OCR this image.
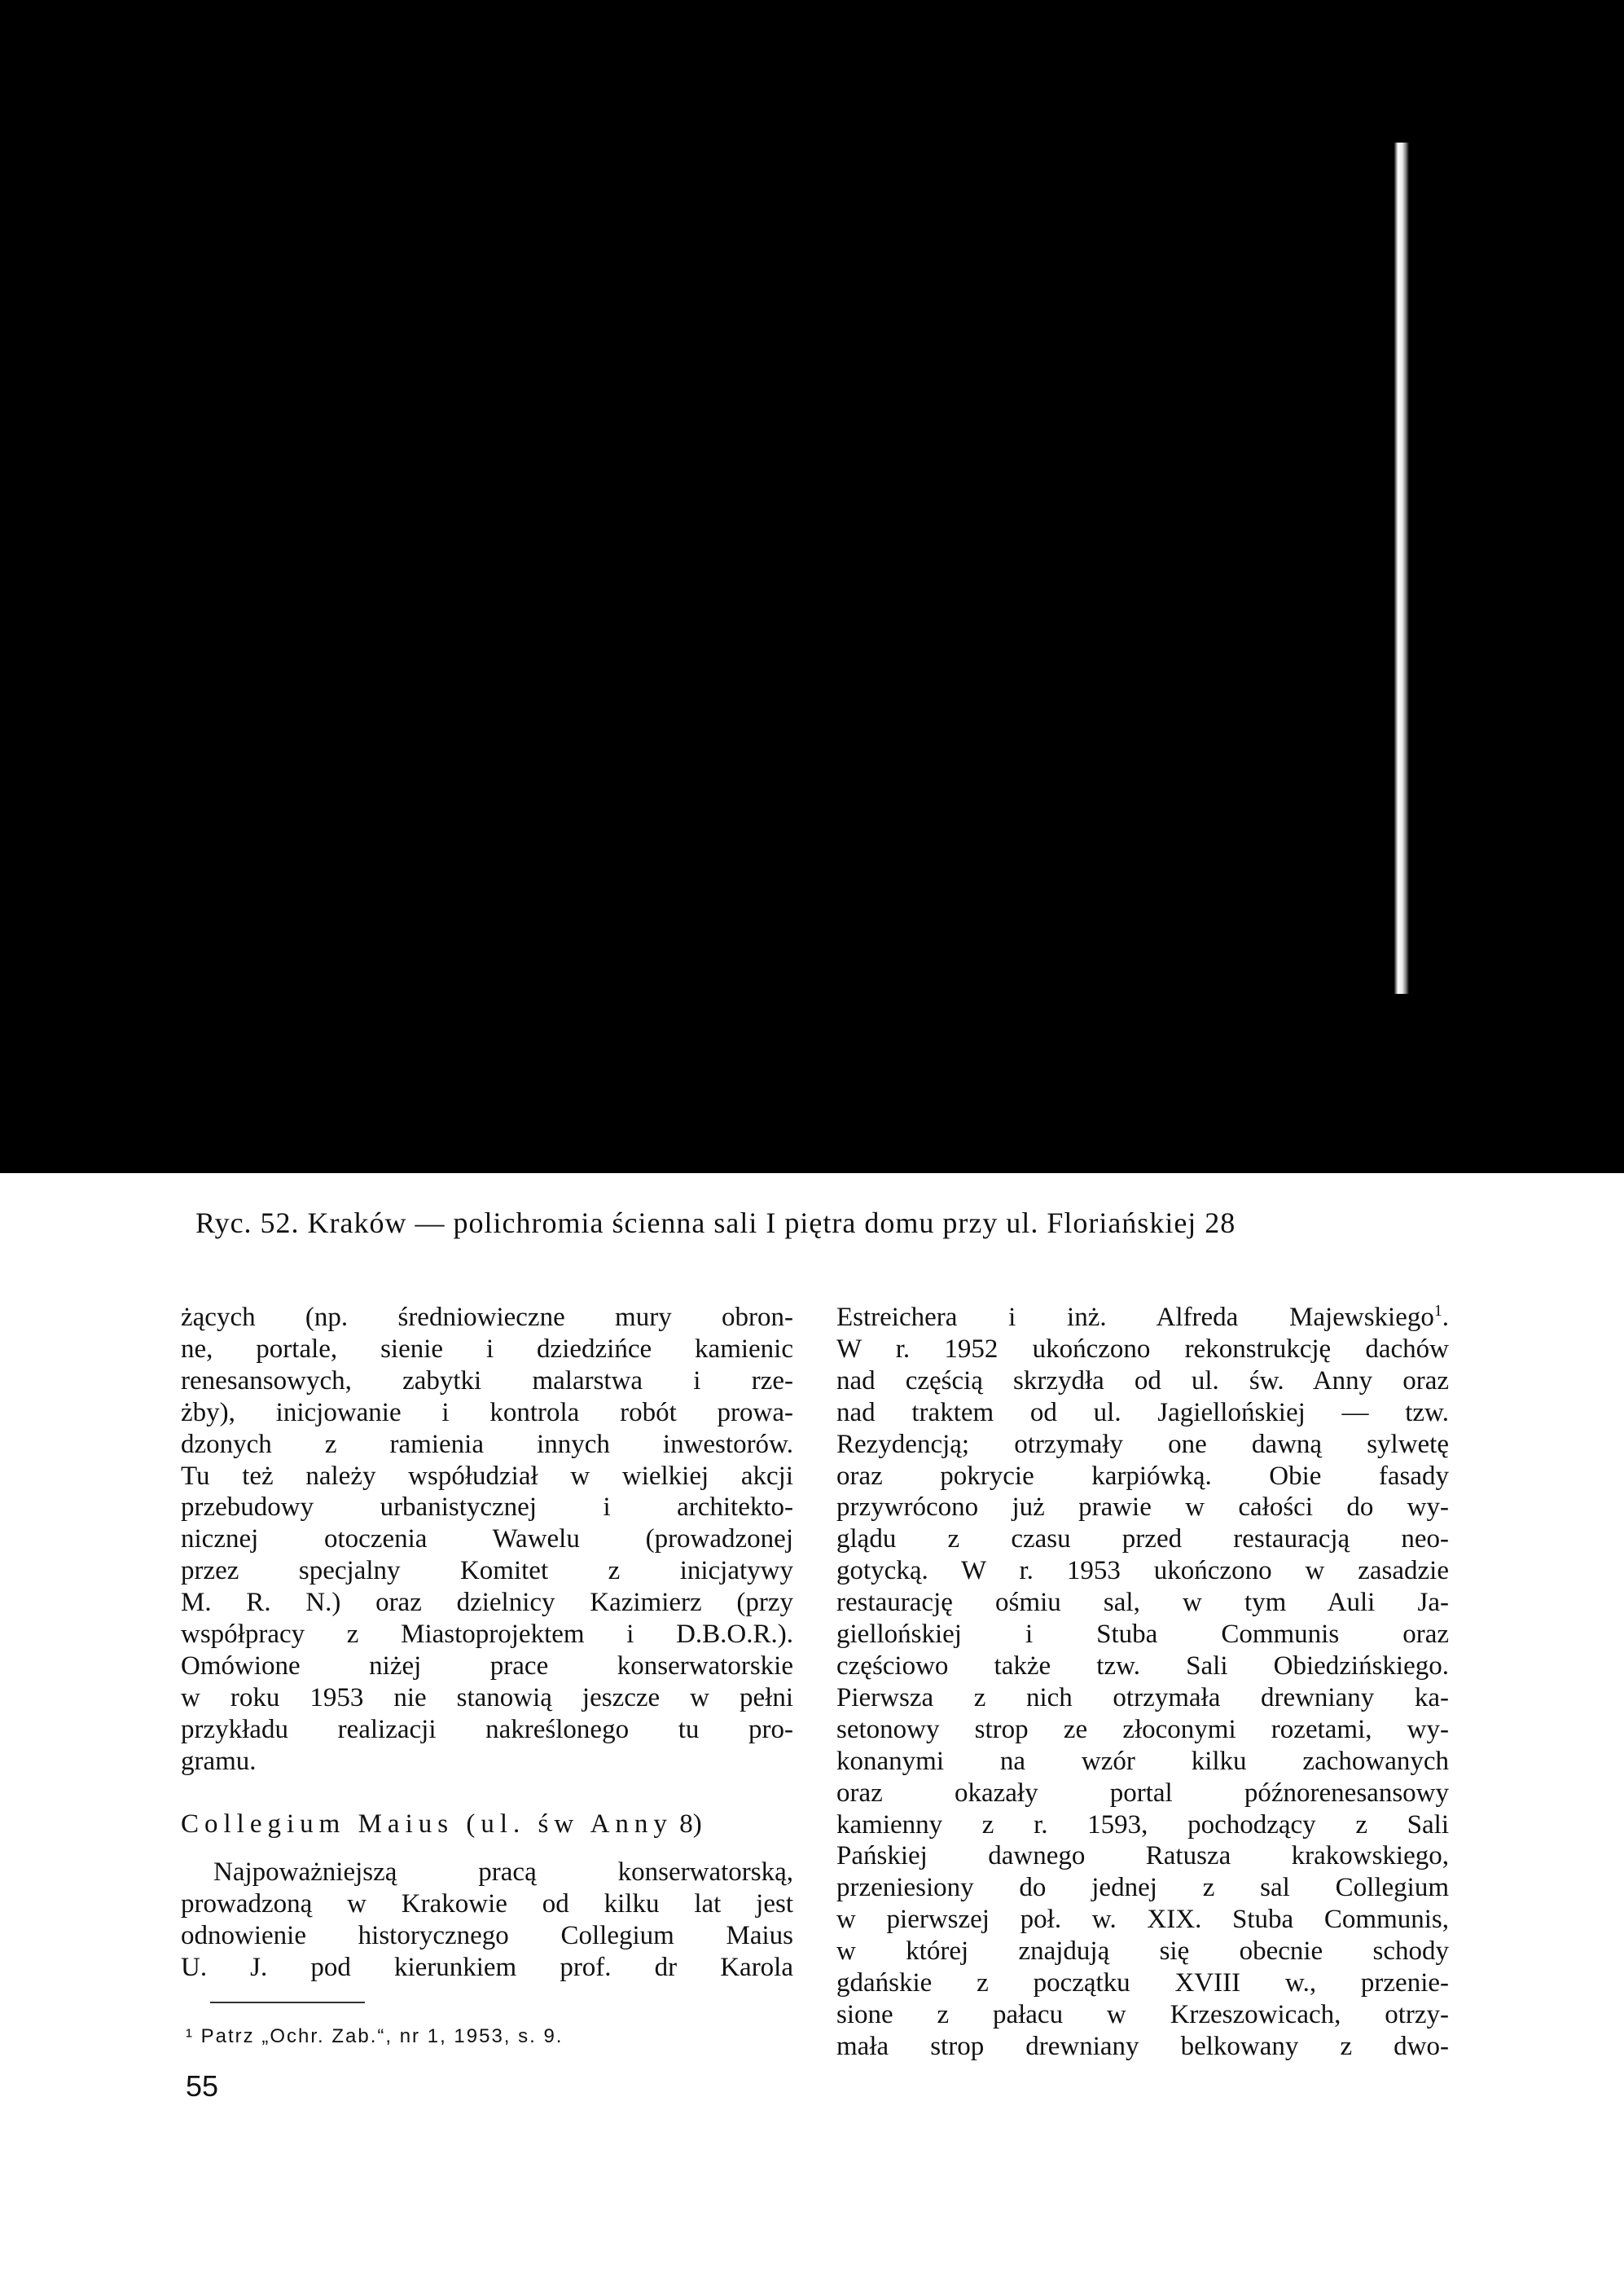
Ryc. 52. Kraków — polichromia ścienna sali I piętra domu przy ul. Floriańskiej 28
żących (np. średniowieczne mury obron-
ne, portale, sienie i dziedzińce kamienic
renesansowych, zabytki malarstwa i rze-
żby), inicjowanie i kontrola robót prowa-
dzonych z ramienia innych inwestorów.
Tu też należy współudział w wielkiej akcji
przebudowy urbanistycznej i architekto-
nicznej otoczenia Wawelu (prowadzonej
przez specjalny Komitet z inicjatywy
M. R. N.) oraz dzielnicy Kazimierz (przy
współpracy z Miastoprojektem i D.B.O.R.).
Omówione niżej prace konserwatorskie
w roku 1953 nie stanowią jeszcze w pełni
przykładu realizacji nakreślonego tu pro-
gramu.
Collegium Maius (ul. św Anny 8)
Najpoważniejszą pracą konserwatorską,
prowadzoną w Krakowie od kilku lat jest
odnowienie historycznego Collegium Maius
U. J. pod kierunkiem prof. dr Karola
¹ Patrz „Ochr. Zab.“, nr 1, 1953, s. 9.
Estreichera i inż. Alfreda Majewskiego$^1$.
W r. 1952 ukończono rekonstrukcję dachów
nad częścią skrzydła od ul. św. Anny oraz
nad traktem od ul. Jagiellońskiej — tzw.
Rezydencją; otrzymały one dawną sylwetę
oraz pokrycie karpiówką. Obie fasady
przywrócono już prawie w całości do wy-
glądu z czasu przed restauracją neo-
gotycką. W r. 1953 ukończono w zasadzie
restaurację ośmiu sal, w tym Auli Ja-
giellońskiej i Stuba Communis oraz
częściowo także tzw. Sali Obiedzińskiego.
Pierwsza z nich otrzymała drewniany ka-
setonowy strop ze złoconymi rozetami, wy-
konanymi na wzór kilku zachowanych
oraz okazały portal późnorenesansowy
kamienny z r. 1593, pochodzący z Sali
Pańskiej dawnego Ratusza krakowskiego,
przeniesiony do jednej z sal Collegium
w pierwszej poł. w. XIX. Stuba Communis,
w której znajdują się obecnie schody
gdańskie z początku XVIII w., przenie-
sione z pałacu w Krzeszowicach, otrzy-
mała strop drewniany belkowany z dwo-
55
